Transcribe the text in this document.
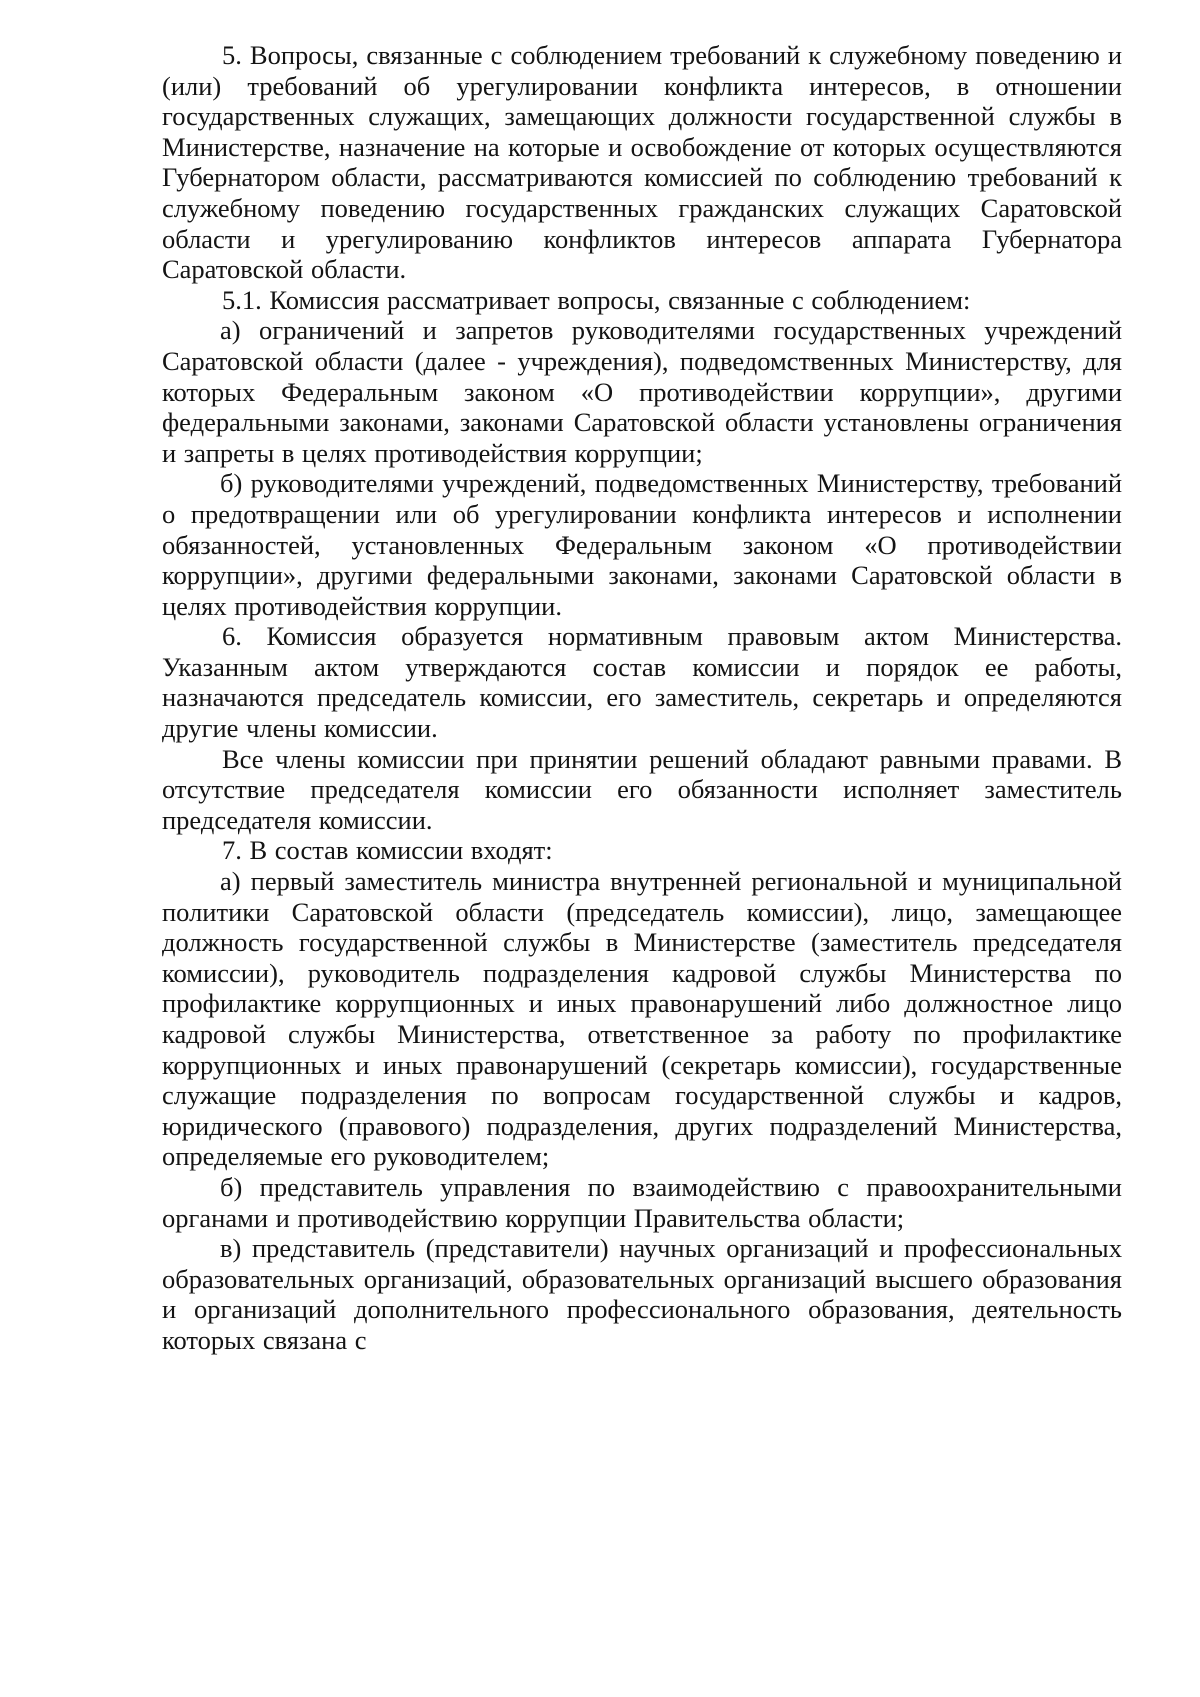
5. Вопросы, связанные с соблюдением требований к служебному поведению и (или) требований об урегулировании конфликта интересов, в отношении государственных служащих, замещающих должности государственной службы в Министерстве, назначение на которые и освобождение от которых осуществляются Губернатором области, рассматриваются комиссией по соблюдению требований к служебному поведению государственных гражданских служащих Саратовской области и урегулированию конфликтов интересов аппарата Губернатора Саратовской области.

5.1. Комиссия рассматривает вопросы, связанные с соблюдением:

а) ограничений и запретов руководителями государственных учреждений Саратовской области (далее - учреждения), подведомственных Министерству, для которых Федеральным законом «О противодействии коррупции», другими федеральными законами, законами Саратовской области установлены ограничения и запреты в целях противодействия коррупции;

б) руководителями учреждений, подведомственных Министерству, требований о предотвращении или об урегулировании конфликта интересов и исполнении обязанностей, установленных Федеральным законом «О противодействии коррупции», другими федеральными законами, законами Саратовской области в целях противодействия коррупции.

6. Комиссия образуется нормативным правовым актом Министерства. Указанным актом утверждаются состав комиссии и порядок ее работы, назначаются председатель комиссии, его заместитель, секретарь и определяются другие члены комиссии.

Все члены комиссии при принятии решений обладают равными правами. В отсутствие председателя комиссии его обязанности исполняет заместитель председателя комиссии.

7. В состав комиссии входят:

а) первый заместитель министра внутренней региональной и муниципальной политики Саратовской области (председатель комиссии), лицо, замещающее должность государственной службы в Министерстве (заместитель председателя комиссии), руководитель подразделения кадровой службы Министерства по профилактике коррупционных и иных правонарушений либо должностное лицо кадровой службы Министерства, ответственное за работу по профилактике коррупционных и иных правонарушений (секретарь комиссии), государственные служащие подразделения по вопросам государственной службы и кадров, юридического (правового) подразделения, других подразделений Министерства, определяемые его руководителем;

б) представитель управления по взаимодействию с правоохранительными органами и противодействию коррупции Правительства области;

в) представитель (представители) научных организаций и профессиональных образовательных организаций, образовательных организаций высшего образования и организаций дополнительного профессионального образования, деятельность которых связана с
